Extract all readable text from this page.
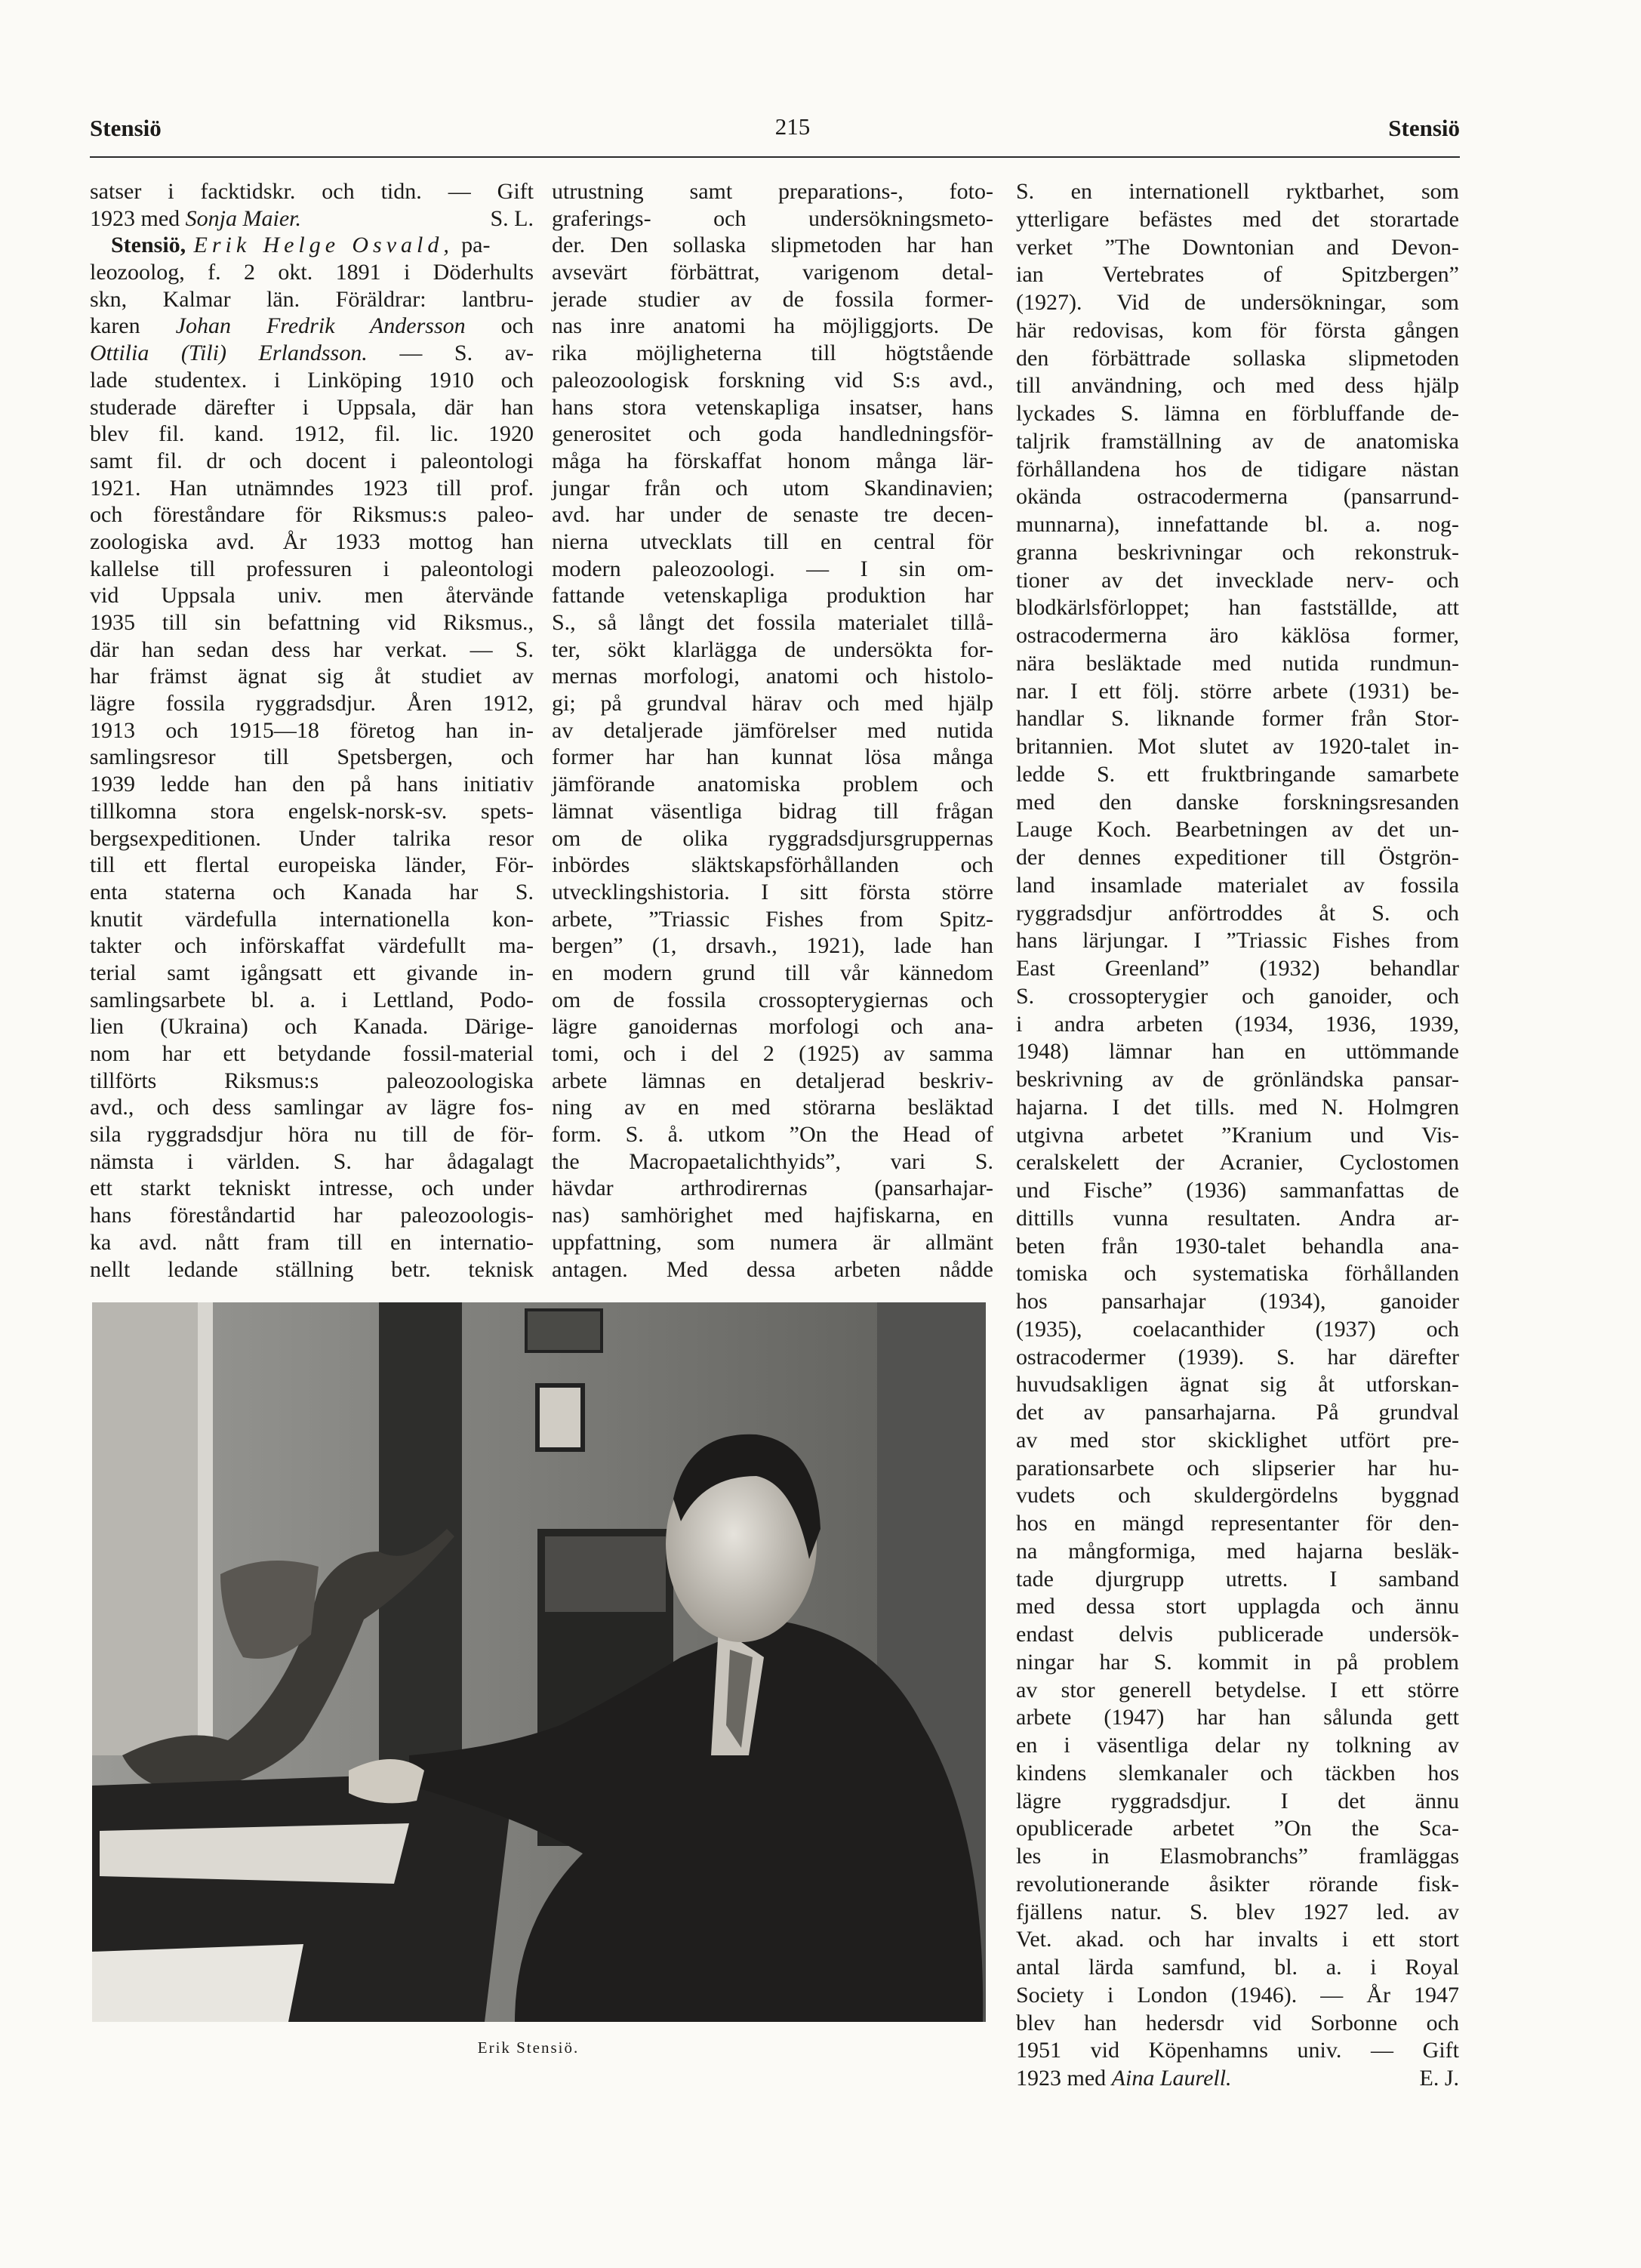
Stensiö	215	Stensiö
satser i facktidskr. och tidn. — Gift
1923 med Sonja Maier.	S. L.
Stensiö, Erik Helge Osvald, pa-
leozoolog, f. 2 okt. 1891 i Döderhults
skn, Kalmar län. Föräldrar: lantbru-
karen Johan Fredrik Andersson och
Ottilia (Tili) Erlandsson. — S. av-
lade studentex. i Linköping 1910 och
studerade därefter i Uppsala, där han
blev fil. kand. 1912, fil. lic. 1920
samt fil. dr och docent i paleontologi
1921. Han utnämndes 1923 till prof.
och föreståndare för Riksmus:s paleo-
zoologiska avd. År 1933 mottog han
kallelse till professuren i paleontologi
vid Uppsala univ. men återvände
1935 till sin befattning vid Riksmus.,
där han sedan dess har verkat. — S.
har främst ägnat sig åt studiet av
lägre fossila ryggradsdjur. Åren 1912,
1913 och 1915—18 företog han in-
samlingsresor till Spetsbergen, och
1939 ledde han den på hans initiativ
tillkomna stora engelsk-norsk-sv. spets-
bergsexpeditionen. Under talrika resor
till ett flertal europeiska länder, För-
enta staterna och Kanada har S.
knutit värdefulla internationella kon-
takter och införskaffat värdefullt ma-
terial samt igångsatt ett givande in-
samlingsarbete bl. a. i Lettland, Podo-
lien (Ukraina) och Kanada. Därige-
nom har ett betydande fossil-material
tillförts Riksmus:s paleozoologiska
avd., och dess samlingar av lägre fos-
sila ryggradsdjur höra nu till de för-
nämsta i världen. S. har ådagalagt
ett starkt tekniskt intresse, och under
hans föreståndartid har paleozoologis-
ka avd. nått fram till en internatio-
nellt ledande ställning betr. teknisk
utrustning samt preparations-, foto-
graferings- och undersökningsmeto-
der. Den sollaska slipmetoden har han
avsevärt förbättrat, varigenom detal-
jerade studier av de fossila former-
nas inre anatomi ha möjliggjorts. De
rika möjligheterna till högtstående
paleozoologisk forskning vid S:s avd.,
hans stora vetenskapliga insatser, hans
generositet och goda handledningsför-
måga ha förskaffat honom många lär-
jungar från och utom Skandinavien;
avd. har under de senaste tre decen-
nierna utvecklats till en central för
modern paleozoologi. — I sin om-
fattande vetenskapliga produktion har
S., så långt det fossila materialet tillå-
ter, sökt klarlägga de undersökta for-
mernas morfologi, anatomi och histolo-
gi; på grundval härav och med hjälp
av detaljerade jämförelser med nutida
former har han kunnat lösa många
jämförande anatomiska problem och
lämnat väsentliga bidrag till frågan
om de olika ryggradsdjursgruppernas
inbördes släktskapsförhållanden och
utvecklingshistoria. I sitt första större
arbete, ”Triassic Fishes from Spitz-
bergen” (1, drsavh., 1921), lade han
en modern grund till vår kännedom
om de fossila crossopterygiernas och
lägre ganoidernas morfologi och ana-
tomi, och i del 2 (1925) av samma
arbete lämnas en detaljerad beskriv-
ning av en med störarna besläktad
form. S. å. utkom ”On the Head of
the Macropaetalichthyids”, vari S.
hävdar arthrodirernas (pansarhajar-
nas) samhörighet med hajfiskarna, en
uppfattning, som numera är allmänt
antagen. Med dessa arbeten nådde
S. en internationell ryktbarhet, som
ytterligare befästes med det storartade
verket ”The Downtonian and Devon-
ian Vertebrates of Spitzbergen”
(1927). Vid de undersökningar, som
här redovisas, kom för första gången
den förbättrade sollaska slipmetoden
till användning, och med dess hjälp
lyckades S. lämna en förbluffande de-
taljrik framställning av de anatomiska
förhållandena hos de tidigare nästan
okända ostracodermerna (pansarrund-
munnarna), innefattande bl. a. nog-
granna beskrivningar och rekonstruk-
tioner av det invecklade nerv- och
blodkärlsförloppet; han fastställde, att
ostracodermerna äro käklösa former,
nära besläktade med nutida rundmun-
nar. I ett följ. större arbete (1931) be-
handlar S. liknande former från Stor-
britannien. Mot slutet av 1920-talet in-
ledde S. ett fruktbringande samarbete
med den danske forskningsresanden
Lauge Koch. Bearbetningen av det un-
der dennes expeditioner till Östgrön-
land insamlade materialet av fossila
ryggradsdjur anförtroddes åt S. och
hans lärjungar. I ”Triassic Fishes from
East Greenland” (1932) behandlar
S. crossopterygier och ganoider, och
i andra arbeten (1934, 1936, 1939,
1948) lämnar han en uttömmande
beskrivning av de grönländska pansar-
hajarna. I det tills. med N. Holmgren
utgivna arbetet ”Kranium und Vis-
ceralskelett der Acranier, Cyclostomen
und Fische” (1936) sammanfattas de
dittills vunna resultaten. Andra ar-
beten från 1930-talet behandla ana-
tomiska och systematiska förhållanden
hos pansarhajar (1934), ganoider
(1935), coelacanthider (1937) och
ostracodermer (1939). S. har därefter
huvudsakligen ägnat sig åt utforskan-
det av pansarhajarna. På grundval
av med stor skicklighet utfört pre-
parationsarbete och slipserier har hu-
vudets och skuldergördelns byggnad
hos en mängd representanter för den-
na mångformiga, med hajarna besläk-
tade djurgrupp utretts. I samband
med dessa stort upplagda och ännu
endast delvis publicerade undersök-
ningar har S. kommit in på problem
av stor generell betydelse. I ett större
arbete (1947) har han sålunda gett
en i väsentliga delar ny tolkning av
kindens slemkanaler och täckben hos
lägre ryggradsdjur. I det ännu
opublicerade arbetet ”On the Sca-
les in Elasmobranchs” framläggas
revolutionerande åsikter rörande fisk-
fjällens natur. S. blev 1927 led. av
Vet. akad. och har invalts i ett stort
antal lärda samfund, bl. a. i Royal
Society i London (1946). — År 1947
blev han hedersdr vid Sorbonne och
1951 vid Köpenhamns univ. — Gift
1923 med Aina Laurell.	E. J.
Erik Stensiö.
